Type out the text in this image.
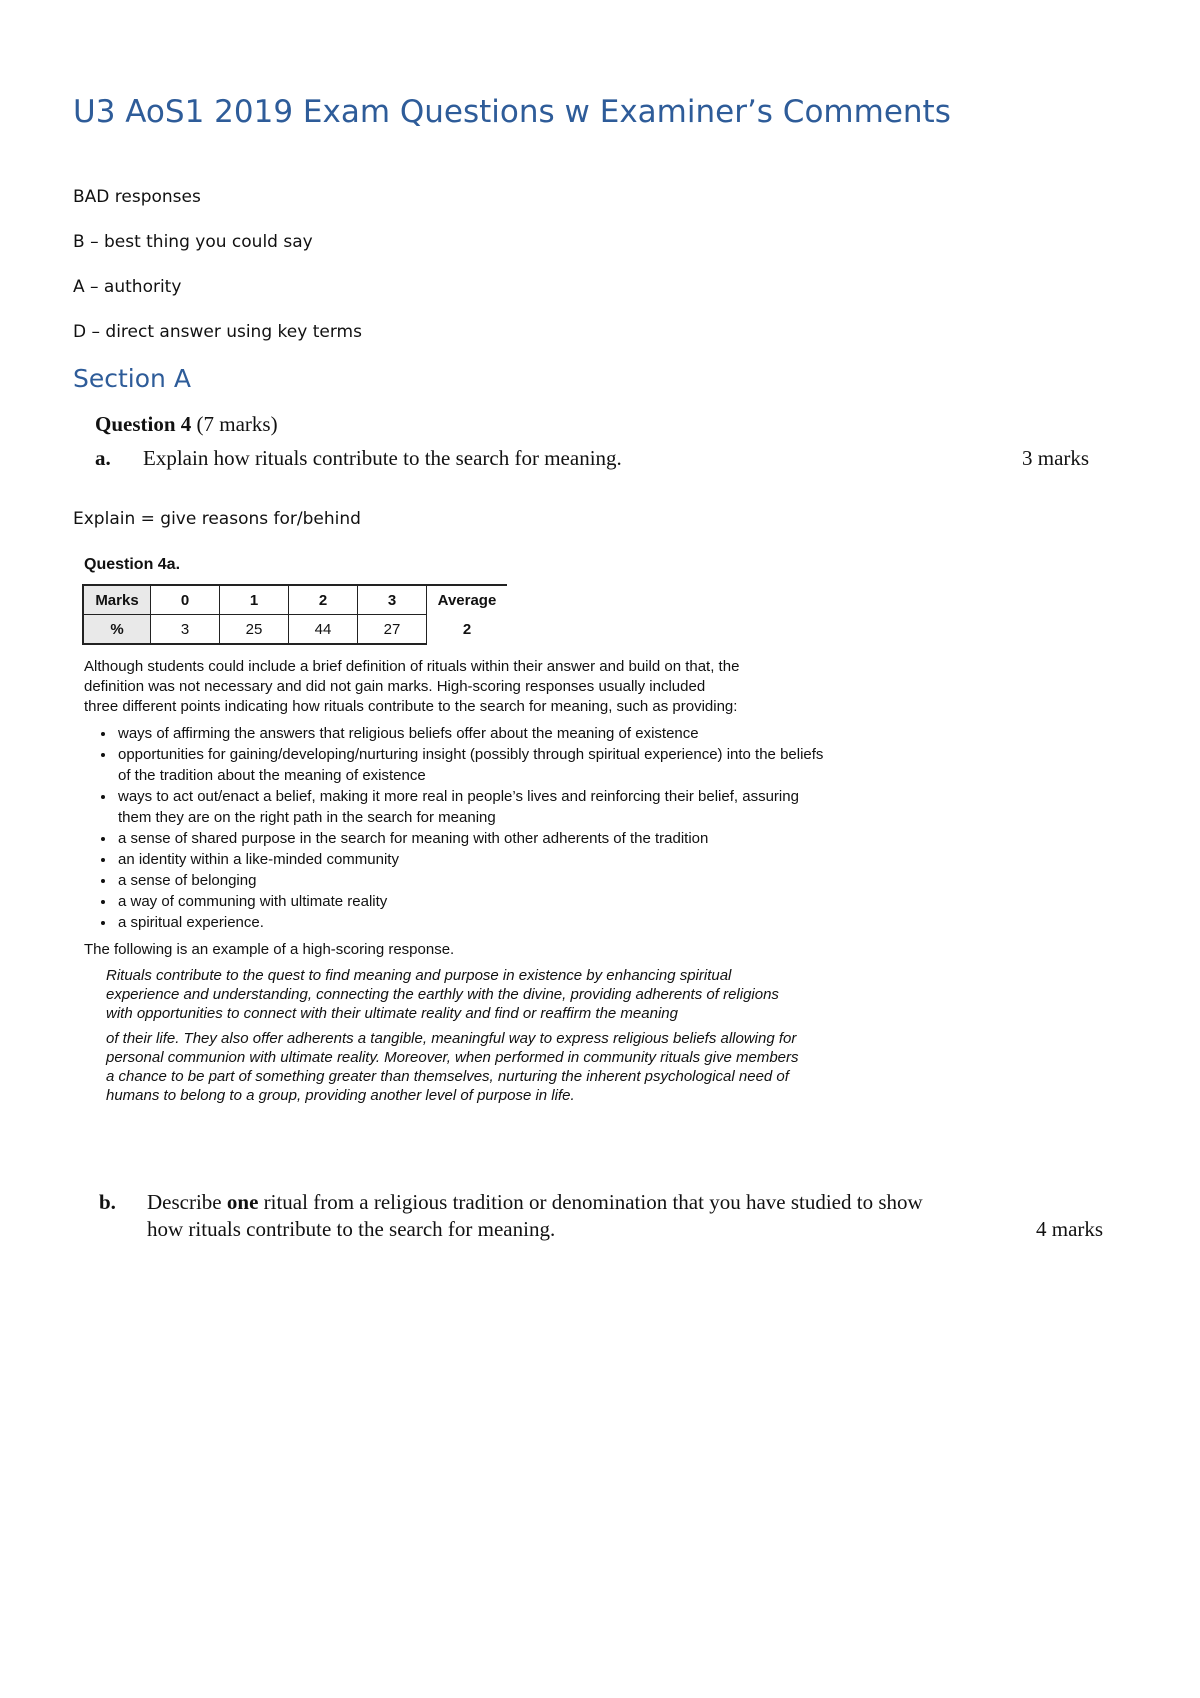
U3 AoS1 2019 Exam Questions w Examiner’s Comments
BAD responses
B – best thing you could say
A – authority
D – direct answer using key terms
Section A
Question 4 (7 marks)
a. Explain how rituals contribute to the search for meaning.	3 marks
Explain = give reasons for/behind
Question 4a.
Marks	0	1	2	3	Average
%	3	25	44	27	2

Although students could include a brief definition of rituals within their answer and build on that, the
definition was not necessary and did not gain marks. High-scoring responses usually included
three different points indicating how rituals contribute to the search for meaning, such as providing:

• ways of affirming the answers that religious beliefs offer about the meaning of existence
• opportunities for gaining/developing/nurturing insight (possibly through spiritual experience) into the beliefs of the tradition about the meaning of existence
• ways to act out/enact a belief, making it more real in people’s lives and reinforcing their belief, assuring them they are on the right path in the search for meaning
• a sense of shared purpose in the search for meaning with other adherents of the tradition
• an identity within a like-minded community
• a sense of belonging
• a way of communing with ultimate reality
• a spiritual experience.
The following is an example of a high-scoring response.
Rituals contribute to the quest to find meaning and purpose in existence by enhancing spiritual experience and understanding, connecting the earthly with the divine, providing adherents of religions with opportunities to connect with their ultimate reality and find or reaffirm the meaning
of their life. They also offer adherents a tangible, meaningful way to express religious beliefs allowing for personal communion with ultimate reality. Moreover, when performed in community rituals give members a chance to be part of something greater than themselves, nurturing the inherent psychological need of humans to belong to a group, providing another level of purpose in life.
b. Describe one ritual from a religious tradition or denomination that you have studied to show
how rituals contribute to the search for meaning.	4 marks
